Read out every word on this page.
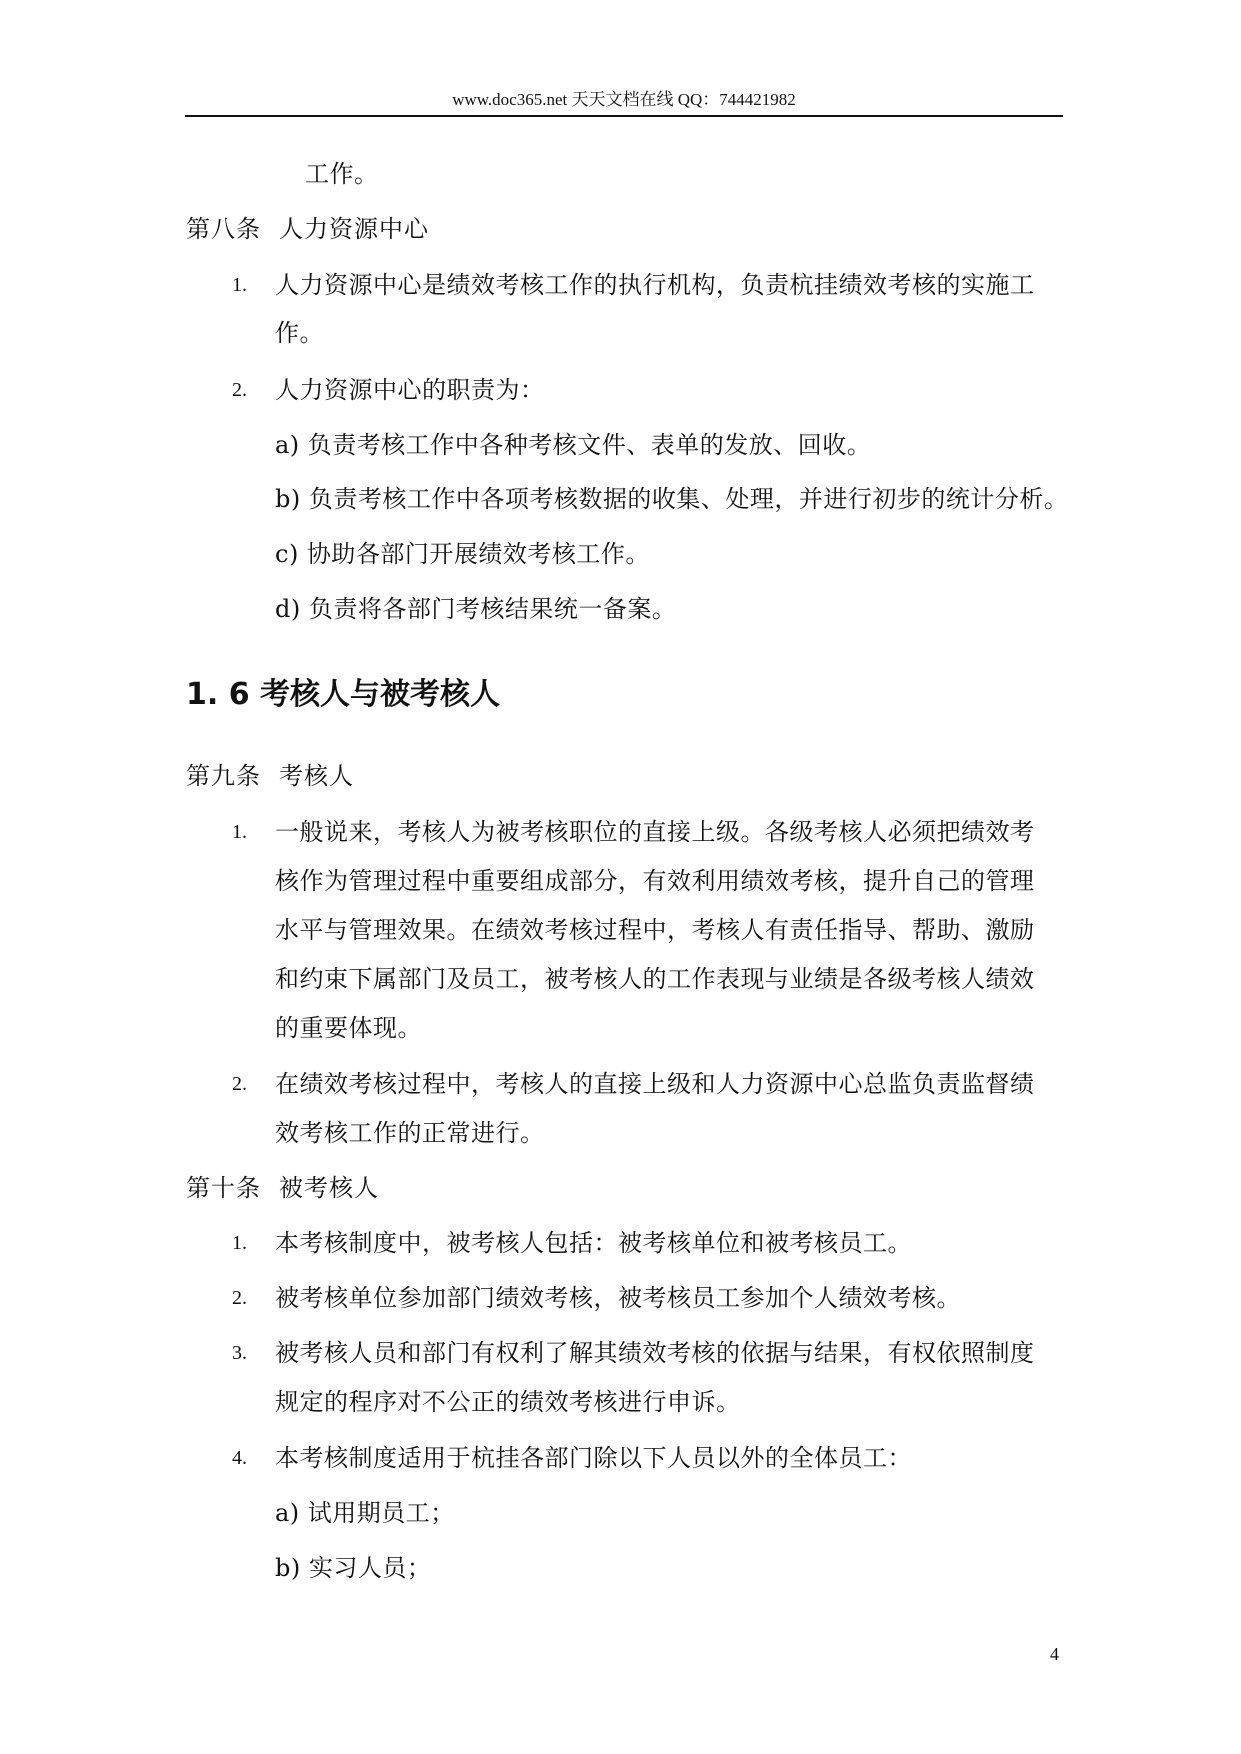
www.doc365.net 天天文档在线 QQ：744421982
工作。
第八条 人力资源中心
1. 人力资源中心是绩效考核工作的执行机构，负责杭挂绩效考核的实施工
作。
2. 人力资源中心的职责为：
a) 负责考核工作中各种考核文件、表单的发放、回收。
b) 负责考核工作中各项考核数据的收集、处理，并进行初步的统计分析。
c) 协助各部门开展绩效考核工作。
d) 负责将各部门考核结果统一备案。
1. 6 考核人与被考核人
第九条 考核人
1. 一般说来，考核人为被考核职位的直接上级。各级考核人必须把绩效考
核作为管理过程中重要组成部分，有效利用绩效考核，提升自己的管理
水平与管理效果。在绩效考核过程中，考核人有责任指导、帮助、激励
和约束下属部门及员工，被考核人的工作表现与业绩是各级考核人绩效
的重要体现。
2. 在绩效考核过程中，考核人的直接上级和人力资源中心总监负责监督绩
效考核工作的正常进行。
第十条 被考核人
1. 本考核制度中，被考核人包括：被考核单位和被考核员工。
2. 被考核单位参加部门绩效考核，被考核员工参加个人绩效考核。
3. 被考核人员和部门有权利了解其绩效考核的依据与结果，有权依照制度
规定的程序对不公正的绩效考核进行申诉。
4. 本考核制度适用于杭挂各部门除以下人员以外的全体员工：
a) 试用期员工；
b) 实习人员；
4
